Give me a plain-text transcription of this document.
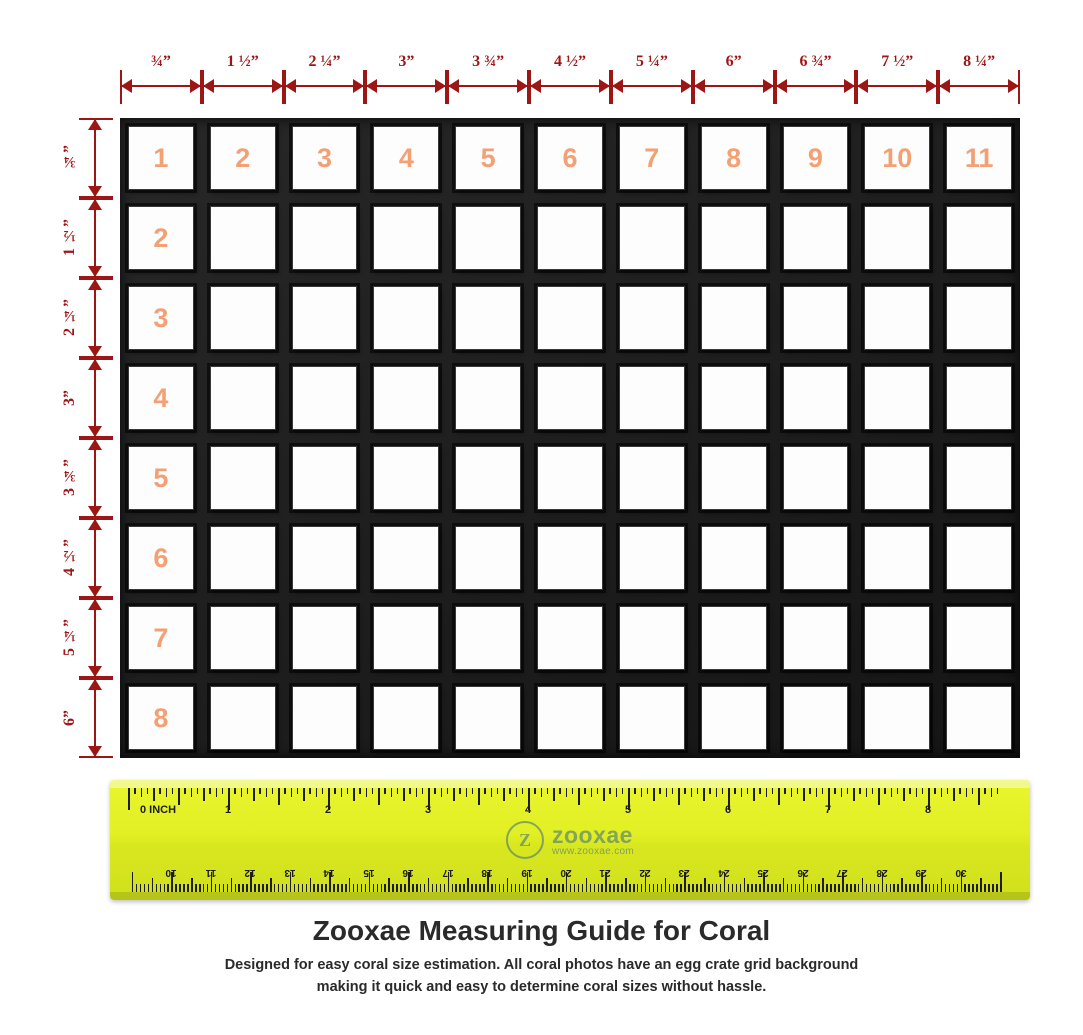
¾”	1 ½”	2 ¼”	3”	3 ¾”	4 ½”	5 ¼”	6”	6 ¾”	7 ½”	8 ¼”
¾”
1 ½”
2 ¼”
3”
3 ¾”
4 ½”
5 ¼”
6”
1	2	3	4	5	6	7	8	9	10	11
2
3
4
5
6
7
8
0 INCH
Z zooxae
www.zooxae.com
1	2	3	4	5	6	7	8
30
29
28
27
26
25
24
23
22
21
20
19
18
17
16
15
14
13
12
11
10
Zooxae Measuring Guide for Coral
Designed for easy coral size estimation. All coral photos have an egg crate grid background
making it quick and easy to determine coral sizes without hassle.
